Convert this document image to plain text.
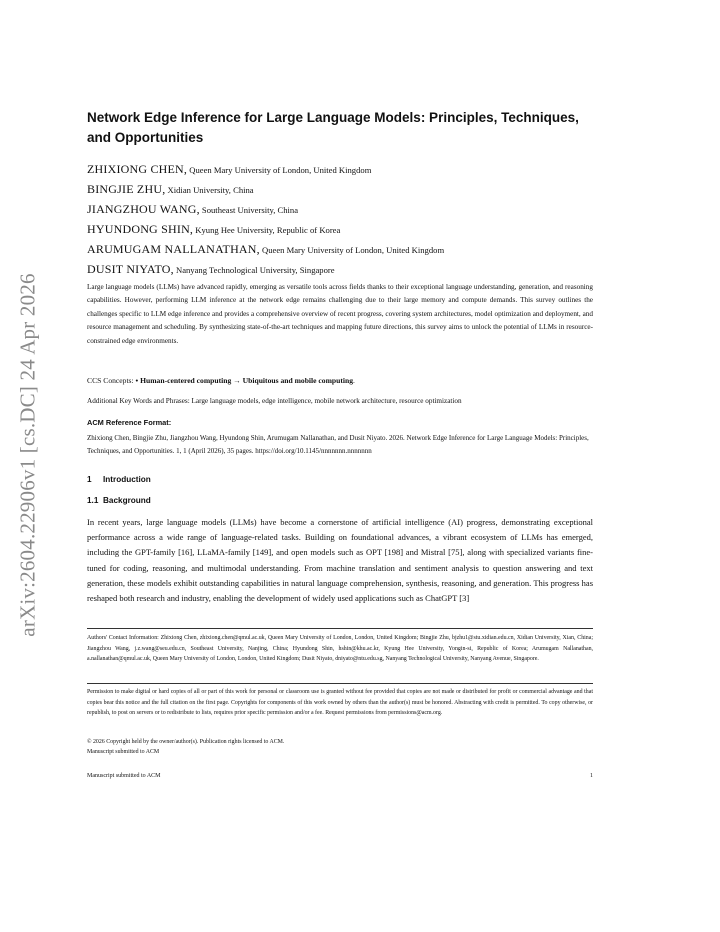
arXiv:2604.22906v1 [cs.DC] 24 Apr 2026
Network Edge Inference for Large Language Models: Principles, Techniques, and Opportunities
ZHIXIONG CHEN, Queen Mary University of London, United Kingdom
BINGJIE ZHU, Xidian University, China
JIANGZHOU WANG, Southeast University, China
HYUNDONG SHIN, Kyung Hee University, Republic of Korea
ARUMUGAM NALLANATHAN, Queen Mary University of London, United Kingdom
DUSIT NIYATO, Nanyang Technological University, Singapore

Large language models (LLMs) have advanced rapidly, emerging as versatile tools across fields thanks to their exceptional language understanding, generation, and reasoning capabilities. However, performing LLM inference at the network edge remains challenging due to their large memory and compute demands. This survey outlines the challenges specific to LLM edge inference and provides a comprehensive overview of recent progress, covering system architectures, model optimization and deployment, and resource management and scheduling. By synthesizing state-of-the-art techniques and mapping future directions, this survey aims to unlock the potential of LLMs in resource-constrained edge environments.

CCS Concepts: • Human-centered computing → Ubiquitous and mobile computing.
Additional Key Words and Phrases: Large language models, edge intelligence, mobile network architecture, resource optimization
ACM Reference Format:

Zhixiong Chen, Bingjie Zhu, Jiangzhou Wang, Hyundong Shin, Arumugam Nallanathan, and Dusit Niyato. 2026. Network Edge Inference for Large Language Models: Principles, Techniques, and Opportunities. 1, 1 (April 2026), 35 pages. https://doi.org/10.1145/nnnnnnn.nnnnnnn

1 Introduction
1.1 Background

In recent years, large language models (LLMs) have become a cornerstone of artificial intelligence (AI) progress, demonstrating exceptional performance across a wide range of language-related tasks. Building on foundational advances, a vibrant ecosystem of LLMs has emerged, including the GPT-family [16], LLaMA-family [149], and open models such as OPT [198] and Mistral [75], along with specialized variants fine-tuned for coding, reasoning, and multimodal understanding. From machine translation and sentiment analysis to question answering and text generation, these models exhibit outstanding capabilities in natural language comprehension, synthesis, reasoning, and generation. This progress has reshaped both research and industry, enabling the development of widely used applications such as ChatGPT [3]

Authors' Contact Information: Zhixiong Chen, zhixiong.chen@qmul.ac.uk, Queen Mary University of London, London, United Kingdom; Bingjie Zhu, bjzhu1@stu.xidian.edu.cn, Xidian University, Xian, China; Jiangzhou Wang, j.z.wang@seu.edu.cn, Southeast University, Nanjing, China; Hyundong Shin, hshin@khu.ac.kr, Kyung Hee University, Yongin-si, Republic of Korea; Arumugam Nallanathan, a.nallanathan@qmul.ac.uk, Queen Mary University of London, London, United Kingdom; Dusit Niyato, dniyato@ntu.edu.sg, Nanyang Technological University, Nanyang Avenue, Singapore.

Permission to make digital or hard copies of all or part of this work for personal or classroom use is granted without fee provided that copies are not made or distributed for profit or commercial advantage and that copies bear this notice and the full citation on the first page. Copyrights for components of this work owned by others than the author(s) must be honored. Abstracting with credit is permitted. To copy otherwise, or republish, to post on servers or to redistribute to lists, requires prior specific permission and/or a fee. Request permissions from permissions@acm.org.

© 2026 Copyright held by the owner/author(s). Publication rights licensed to ACM.
Manuscript submitted to ACM
Manuscript submitted to ACM	1
